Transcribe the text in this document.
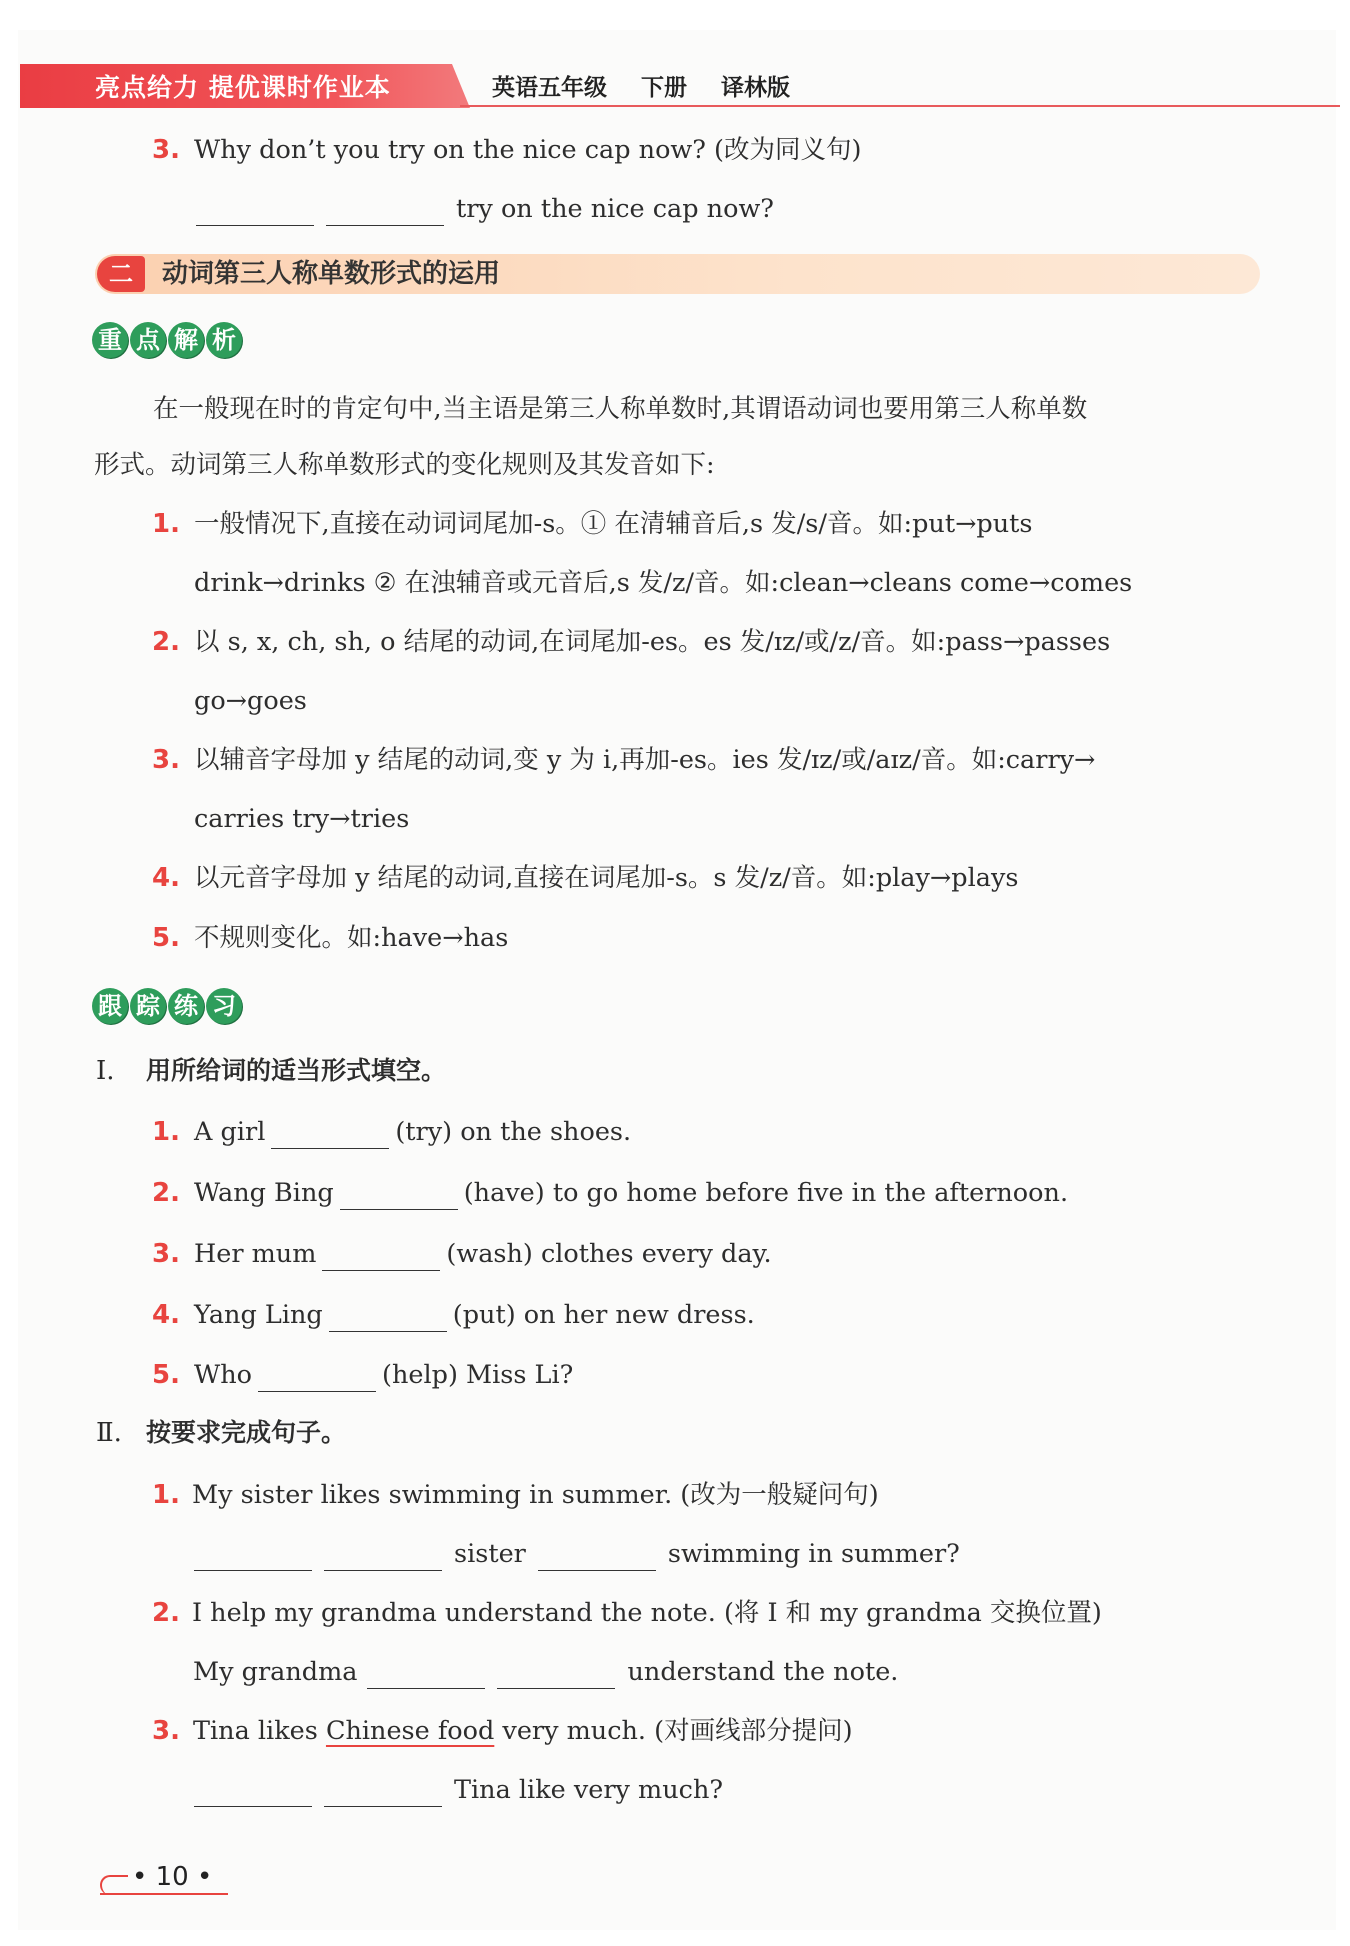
亮点给力 提优课时作业本	英语五年级 下册 译林版
3. Why don’t you try on the nice cap now? (改为同义句)
try on the nice cap now?
二	动词第三人称单数形式的运用
重 点 解 析
在一般现在时的肯定句中,当主语是第三人称单数时,其谓语动词也要用第三人称单数
形式。动词第三人称单数形式的变化规则及其发音如下:
1. 一般情况下,直接在动词词尾加-s。① 在清辅音后,s 发/s/音。如:put→puts
drink→drinks ② 在浊辅音或元音后,s 发/z/音。如:clean→cleans come→comes
2. 以 s, x, ch, sh, o 结尾的动词,在词尾加-es。es 发/ɪz/或/z/音。如:pass→passes
go→goes
3. 以辅音字母加 y 结尾的动词,变 y 为 i,再加-es。ies 发/ɪz/或/aɪz/音。如:carry→
carries try→tries
4. 以元音字母加 y 结尾的动词,直接在词尾加-s。s 发/z/音。如:play→plays
5. 不规则变化。如:have→has
跟 踪 练 习
Ⅰ. 用所给词的适当形式填空。
1. A girl	(try) on the shoes.
2. Wang Bing	(have) to go home before five in the afternoon.
3. Her mum	(wash) clothes every day.
4. Yang Ling	(put) on her new dress.
5. Who	(help) Miss Li?
Ⅱ. 按要求完成句子。
1. My sister likes swimming in summer. (改为一般疑问句)
sister	swimming in summer?
2. I help my grandma understand the note. (将 I 和 my grandma 交换位置)
My grandma	understand the note.
3. Tina likes Chinese food very much. (对画线部分提问)
Tina like very much?
• 10 •
